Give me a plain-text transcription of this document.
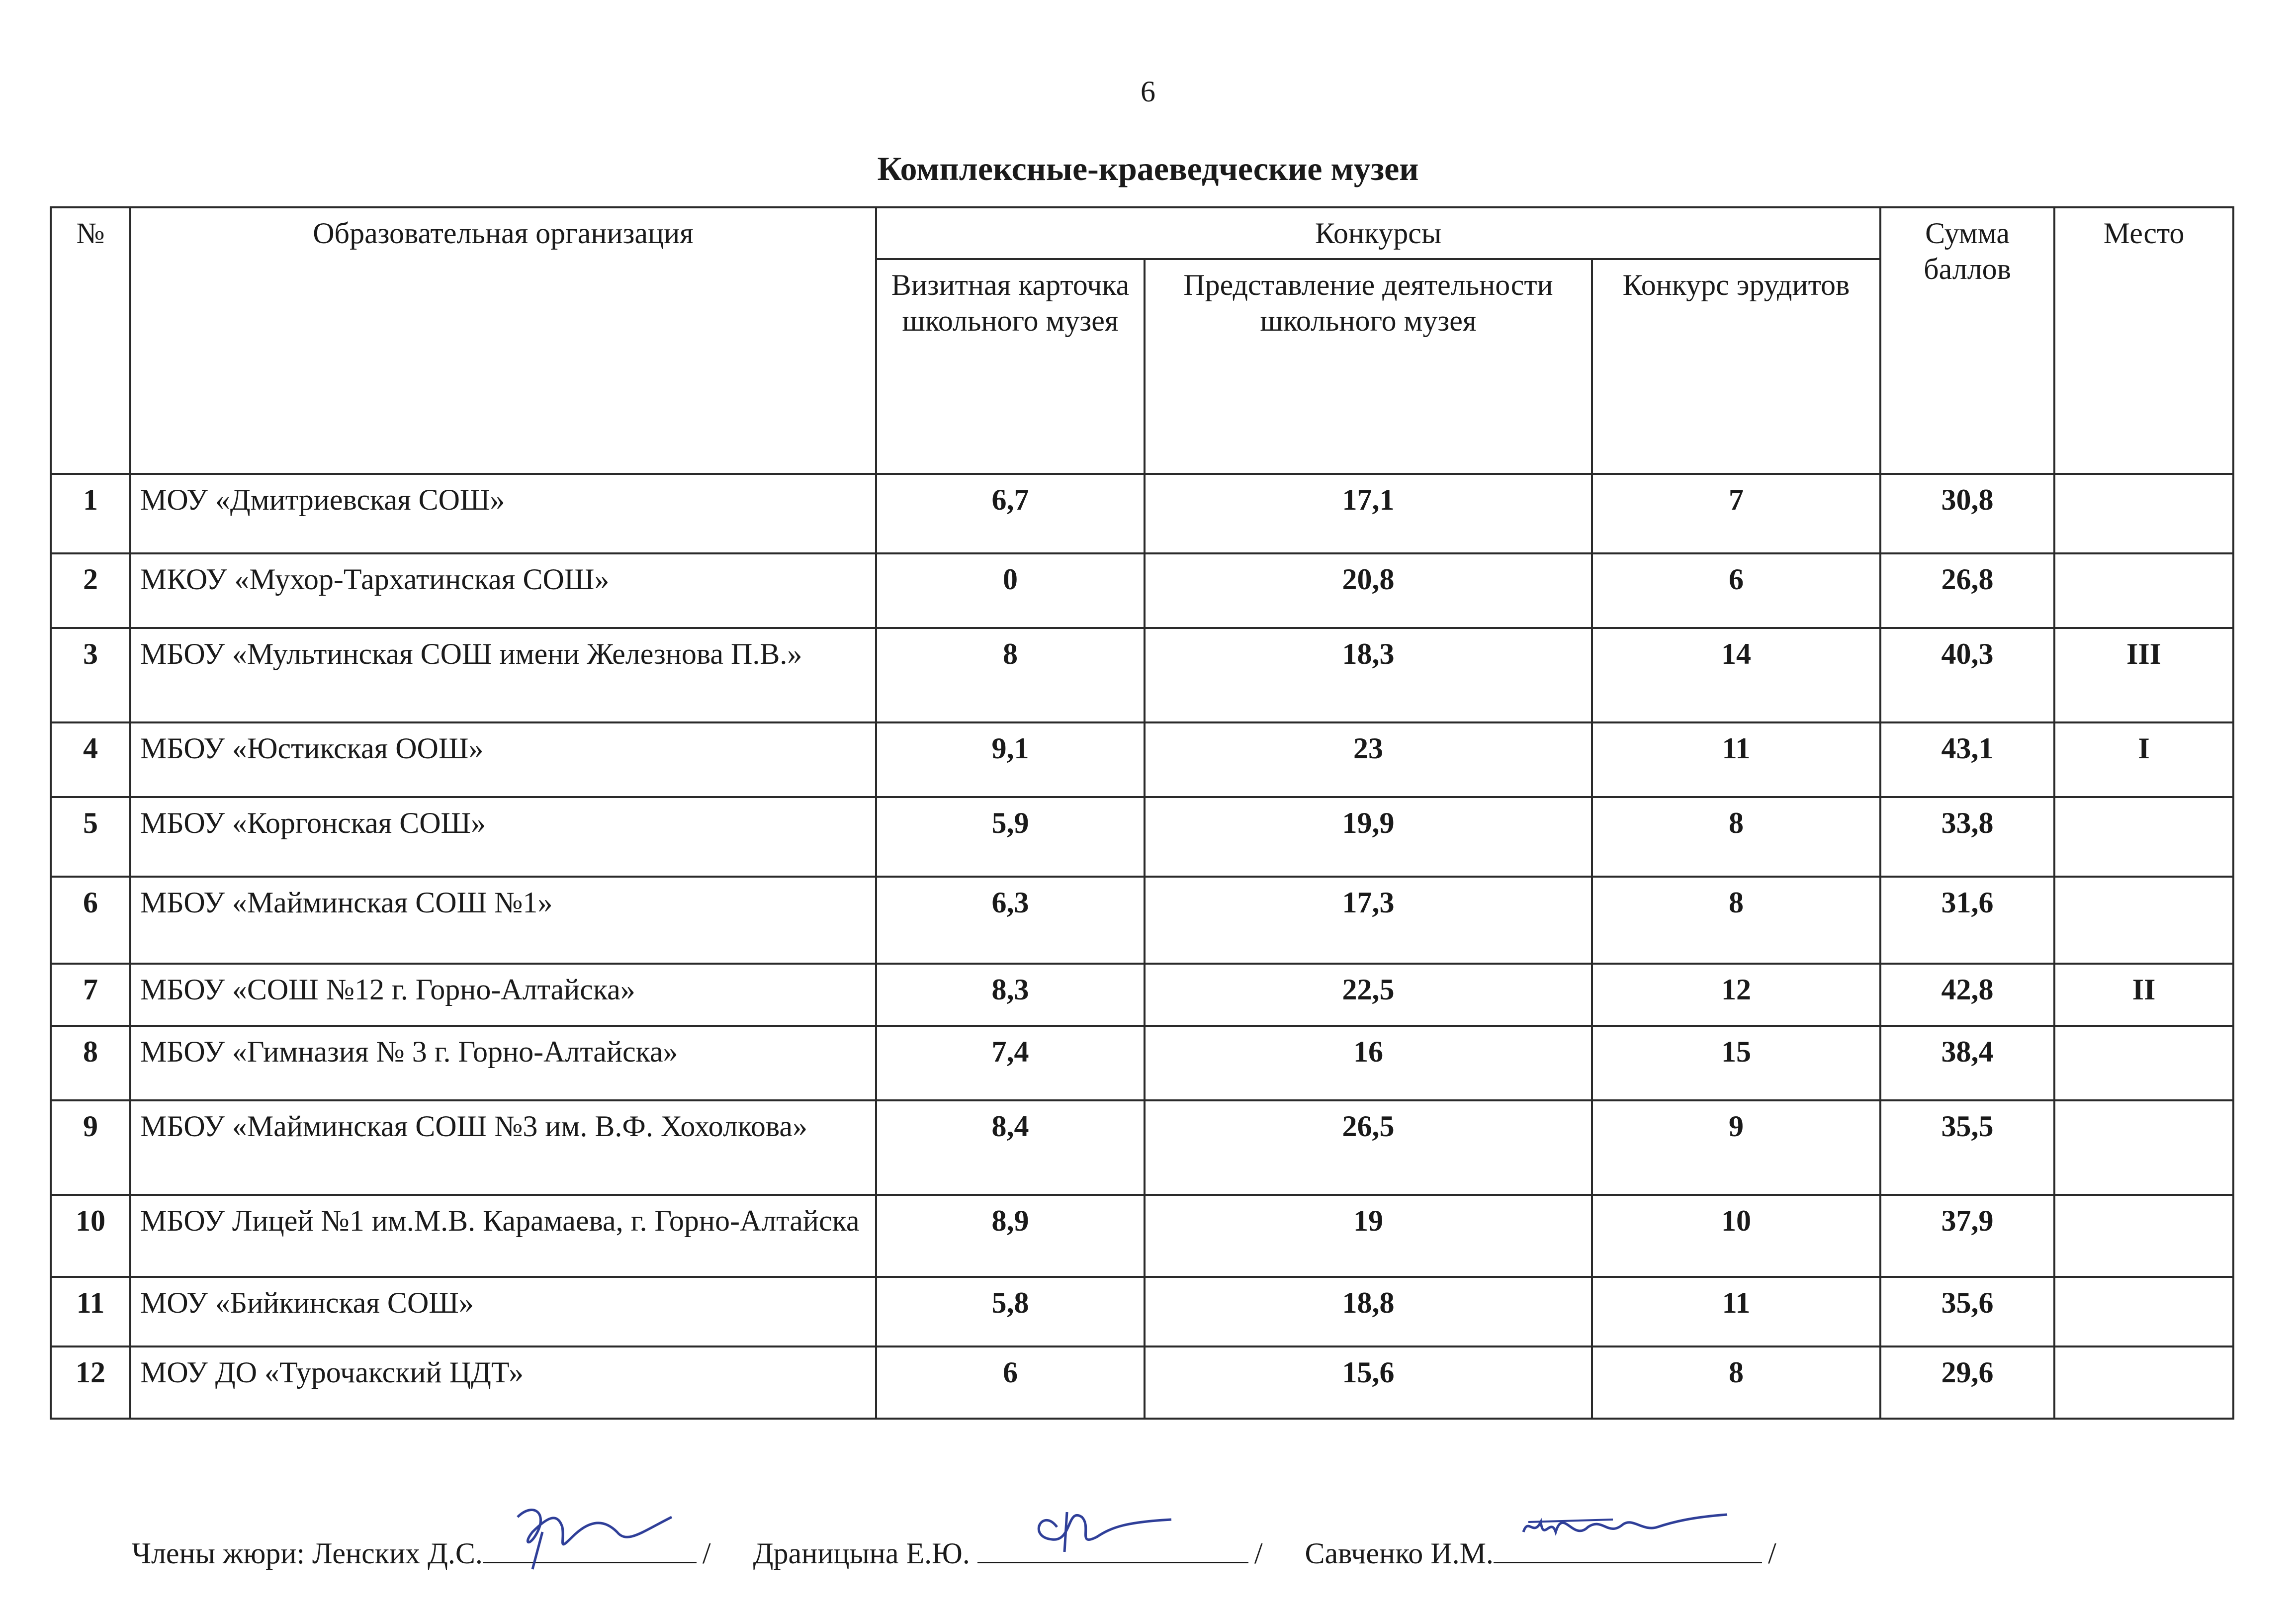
6
Комплексные-краеведческие музеи
№	Образовательная организация	Конкурсы			Сумма баллов	Место
		Визитная карточка школьного музея	Представление деятельности школьного музея	Конкурс эрудитов		
1	МОУ «Дмитриевская СОШ»	6,7	17,1	7	30,8	
2	МКОУ «Мухор-Тархатинская СОШ»	0	20,8	6	26,8	
3	МБОУ «Мультинская СОШ имени Железнова П.В.»	8	18,3	14	40,3	III
4	МБОУ «Юстикская ООШ»	9,1	23	11	43,1	I
5	МБОУ «Коргонская СОШ»	5,9	19,9	8	33,8	
6	МБОУ «Майминская СОШ №1»	6,3	17,3	8	31,6	
7	МБОУ «СОШ №12 г. Горно-Алтайска»	8,3	22,5	12	42,8	II
8	МБОУ «Гимназия № 3 г. Горно-Алтайска»	7,4	16	15	38,4	
9	МБОУ «Майминская СОШ №3 им. В.Ф. Хохолкова»	8,4	26,5	9	35,5	
10	МБОУ Лицей №1 им.М.В. Карамаева, г. Горно-Алтайска	8,9	19	10	37,9	
11	МОУ «Бийкинская СОШ»	5,8	18,8	11	35,6	
12	МОУ ДО «Турочакский ЦДТ»	6	15,6	8	29,6	
Члены жюри: Ленских Д.С.	/ Драницына Е.Ю.	/ Савченко И.М.	/
